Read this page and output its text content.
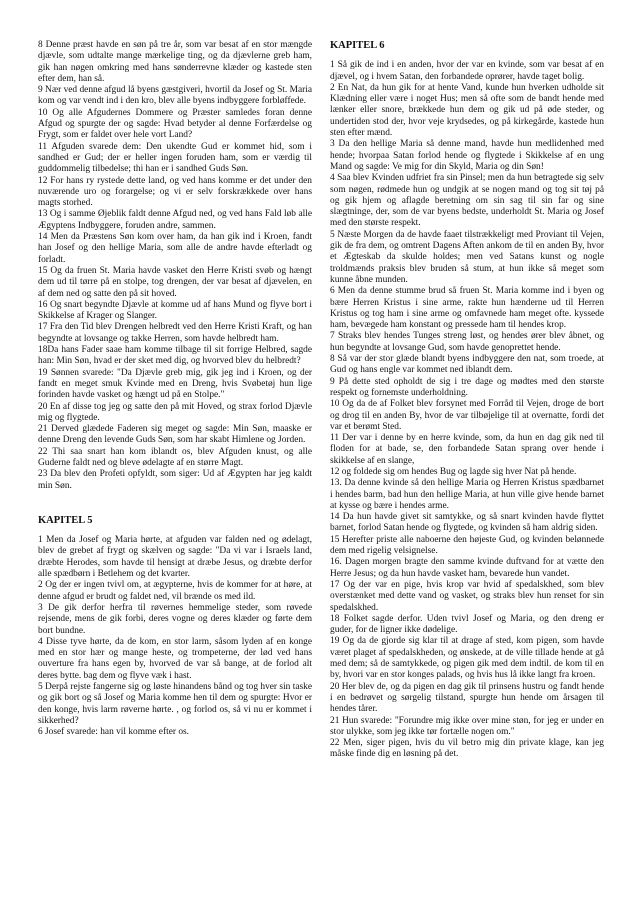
8 Denne præst havde en søn på tre år, som var besat af en stor mængde djævle, som udtalte mange mærkelige ting, og da djævlerne greb ham, gik han nøgen omkring med hans sønderrevne klæder og kastede sten efter dem, han så.

9 Nær ved denne afgud lå byens gæstgiveri, hvortil da Josef og St. Maria kom og var vendt ind i den kro, blev alle byens indbyggere forbløffede.

10 Og alle Afgudernes Dommere og Præster samledes foran denne Afgud og spurgte der og sagde: Hvad betyder al denne Forfærdelse og Frygt, som er faldet over hele vort Land?

11 Afguden svarede dem: Den ukendte Gud er kommet hid, som i sandhed er Gud; der er heller ingen foruden ham, som er værdig til guddommelig tilbedelse; thi han er i sandhed Guds Søn.

12 For hans ry rystede dette land, og ved hans komme er det under den nuværende uro og forargelse; og vi er selv forskrækkede over hans magts storhed.

13 Og i samme Øjeblik faldt denne Afgud ned, og ved hans Fald løb alle Ægyptens Indbyggere, foruden andre, sammen.

14 Men da Præstens Søn kom over ham, da han gik ind i Kroen, fandt han Josef og den hellige Maria, som alle de andre havde efterladt og forladt.

15 Og da fruen St. Maria havde vasket den Herre Kristi svøb og hængt dem ud til tørre på en stolpe, tog drengen, der var besat af djævelen, en af dem ned og satte den på sit hoved.

16 Og snart begyndte Djævle at komme ud af hans Mund og flyve bort i Skikkelse af Krager og Slanger.

17 Fra den Tid blev Drengen helbredt ved den Herre Kristi Kraft, og han begyndte at lovsange og takke Herren, som havde helbredt ham.

18Da hans Fader saae ham komme tilbage til sit forrige Helbred, sagde han: Min Søn, hvad er der sket med dig, og hvorved blev du helbredt?

19 Sønnen svarede: "Da Djævle greb mig, gik jeg ind i Kroen, og der fandt en meget smuk Kvinde med en Dreng, hvis Svøbetøj hun lige forinden havde vasket og hængt ud på en Stolpe."

20 En af disse tog jeg og satte den på mit Hoved, og strax forlod Djævle mig og flygtede.

21 Derved glædede Faderen sig meget og sagde: Min Søn, maaske er denne Dreng den levende Guds Søn, som har skabt Himlene og Jorden.

22 Thi saa snart han kom iblandt os, blev Afguden knust, og alle Guderne faldt ned og bleve ødelagte af en større Magt.

23 Da blev den Profeti opfyldt, som siger: Ud af Ægypten har jeg kaldt min Søn.

KAPITEL 5

1 Men da Josef og Maria hørte, at afguden var falden ned og ødelagt, blev de grebet af frygt og skælven og sagde: "Da vi var i Israels land, dræbte Herodes, som havde til hensigt at dræbe Jesus, og dræbte derfor alle spædbørn i Betlehem og det kvarter.

2 Og der er ingen tvivl om, at ægypterne, hvis de kommer for at høre, at denne afgud er brudt og faldet ned, vil brænde os med ild.

3 De gik derfor herfra til røvernes hemmelige steder, som røvede rejsende, mens de gik forbi, deres vogne og deres klæder og førte dem bort bundne.

4 Disse tyve hørte, da de kom, en stor larm, såsom lyden af en konge med en stor hær og mange heste, og trompeterne, der lød ved hans ouverture fra hans egen by, hvorved de var så bange, at de forlod alt deres bytte. bag dem og flyve væk i hast.

5 Derpå rejste fangerne sig og løste hinandens bånd og tog hver sin taske og gik bort og så Josef og Maria komme hen til dem og spurgte: Hvor er den konge, hvis larm røverne hørte. , og forlod os, så vi nu er kommet i sikkerhed?

6 Josef svarede: han vil komme efter os.

KAPITEL 6

1 Så gik de ind i en anden, hvor der var en kvinde, som var besat af en djævel, og i hvem Satan, den forbandede oprører, havde taget bolig.

2 En Nat, da hun gik for at hente Vand, kunde hun hverken udholde sit Klædning eller være i noget Hus; men så ofte som de bandt hende med lænker eller snore, brækkede hun dem og gik ud på øde steder, og undertiden stod der, hvor veje krydsedes, og på kirkegårde, kastede hun sten efter mænd.

3 Da den hellige Maria så denne mand, havde hun medlidenhed med hende; hvorpaa Satan forlod hende og flygtede i Skikkelse af en ung Mand og sagde: Ve mig for din Skyld, Maria og din Søn!

4 Saa blev Kvinden udfriet fra sin Pinsel; men da hun betragtede sig selv som nøgen, rødmede hun og undgik at se nogen mand og tog sit tøj på og gik hjem og aflagde beretning om sin sag til sin far og sine slægtninge, der, som de var byens bedste, underholdt St. Maria og Josef med den største respekt.

5 Næste Morgen da de havde faaet tilstrækkeligt med Proviant til Vejen, gik de fra dem, og omtrent Dagens Aften ankom de til en anden By, hvor et Ægteskab da skulde holdes; men ved Satans kunst og nogle troldmænds praksis blev bruden så stum, at hun ikke så meget som kunne åbne munden.

6 Men da denne stumme brud så fruen St. Maria komme ind i byen og bære Herren Kristus i sine arme, rakte hun hænderne ud til Herren Kristus og tog ham i sine arme og omfavnede ham meget ofte. kyssede ham, bevægede ham konstant og pressede ham til hendes krop.

7 Straks blev hendes Tunges streng løst, og hendes ører blev åbnet, og hun begyndte at lovsange Gud, som havde genoprettet hende.

8 Så var der stor glæde blandt byens indbyggere den nat, som troede, at Gud og hans engle var kommet ned iblandt dem.

9 På dette sted opholdt de sig i tre dage og mødtes med den største respekt og fornemste underholdning.

10 Og da de af Folket blev forsynet med Forråd til Vejen, droge de bort og drog til en anden By, hvor de var tilbøjelige til at overnatte, fordi det var et berømt Sted.

11 Der var i denne by en herre kvinde, som, da hun en dag gik ned til floden for at bade, se, den forbandede Satan sprang over hende i skikkelse af en slange,

12 og foldede sig om hendes Bug og lagde sig hver Nat på hende.

13. Da denne kvinde så den hellige Maria og Herren Kristus spædbarnet i hendes barm, bad hun den hellige Maria, at hun ville give hende barnet at kysse og bære i hendes arme.

14 Da hun havde givet sit samtykke, og så snart kvinden havde flyttet barnet, forlod Satan hende og flygtede, og kvinden så ham aldrig siden.

15 Herefter priste alle naboerne den højeste Gud, og kvinden belønnede dem med rigelig velsignelse.

16. Dagen morgen bragte den samme kvinde duftvand for at vætte den Herre Jesus; og da hun havde vasket ham, bevarede hun vandet.

17 Og der var en pige, hvis krop var hvid af spedalskhed, som blev overstænket med dette vand og vasket, og straks blev hun renset for sin spedalskhed.

18 Folket sagde derfor. Uden tvivl Josef og Maria, og den dreng er guder, for de ligner ikke dødelige.

19 Og da de gjorde sig klar til at drage af sted, kom pigen, som havde været plaget af spedalskheden, og ønskede, at de ville tillade hende at gå med dem; så de samtykkede, og pigen gik med dem indtil. de kom til en by, hvori var en stor konges palads, og hvis hus lå ikke langt fra kroen.

20 Her blev de, og da pigen en dag gik til prinsens hustru og fandt hende i en bedrøvet og sørgelig tilstand, spurgte hun hende om årsagen til hendes tårer.

21 Hun svarede: "Forundre mig ikke over mine støn, for jeg er under en stor ulykke, som jeg ikke tør fortælle nogen om."

22 Men, siger pigen, hvis du vil betro mig din private klage, kan jeg måske finde dig en løsning på det.
